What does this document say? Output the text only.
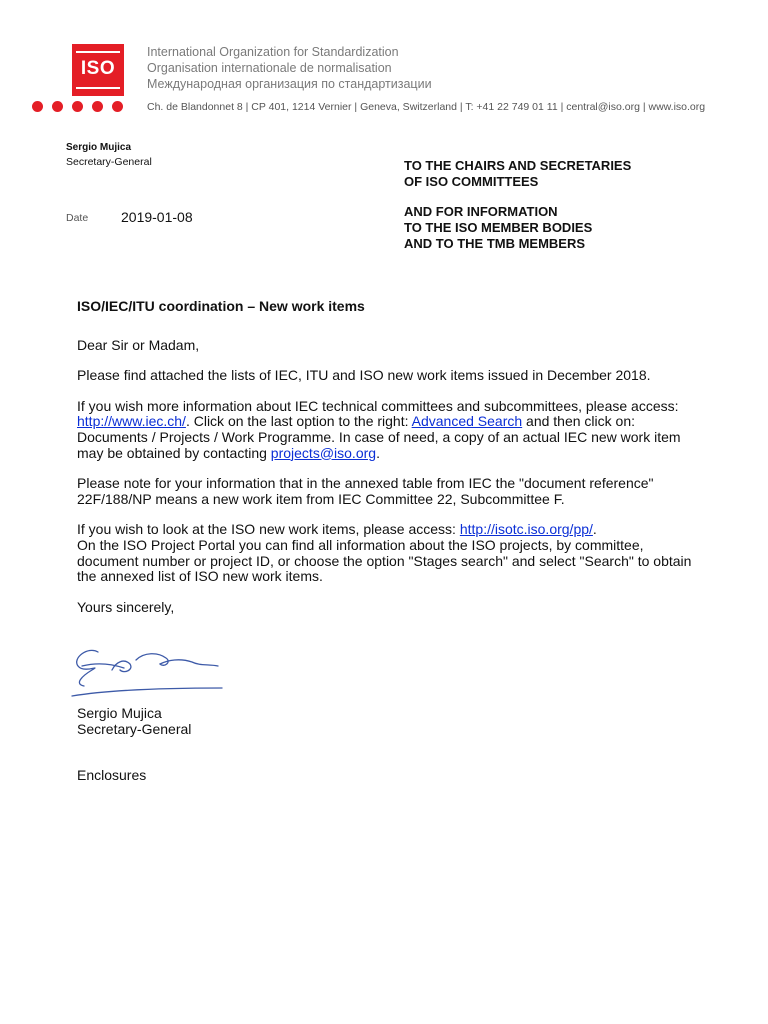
ISO
International Organization for Standardization
Organisation internationale de normalisation
Международная организация по стандартизации
Ch. de Blandonnet 8 | CP 401, 1214 Vernier | Geneva, Switzerland | T: +41 22 749 01 11 | central@iso.org | www.iso.org
Sergio Mujica
Secretary-General
Date 2019-01-08
TO THE CHAIRS AND SECRETARIES
OF ISO COMMITTEES
AND FOR INFORMATION
TO THE ISO MEMBER BODIES
AND TO THE TMB MEMBERS
ISO/IEC/ITU coordination – New work items

Dear Sir or Madam,

Please find attached the lists of IEC, ITU and ISO new work items issued in December 2018.

If you wish more information about IEC technical committees and subcommittees, please access: http://www.iec.ch/. Click on the last option to the right: Advanced Search and then click on: Documents / Projects / Work Programme. In case of need, a copy of an actual IEC new work item may be obtained by contacting projects@iso.org.

Please note for your information that in the annexed table from IEC the "document reference" 22F/188/NP means a new work item from IEC Committee 22, Subcommittee F.

If you wish to look at the ISO new work items, please access: http://isotc.iso.org/pp/.
On the ISO Project Portal you can find all information about the ISO projects, by committee, document number or project ID, or choose the option "Stages search" and select "Search" to obtain the annexed list of ISO new work items.

Yours sincerely,

Sergio Mujica
Secretary-General
Enclosures
